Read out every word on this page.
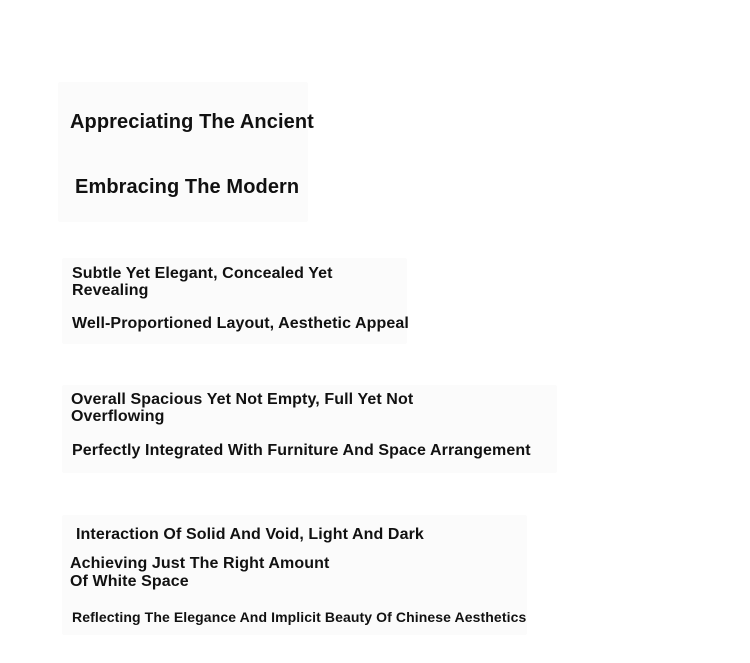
Appreciating The Ancient
Embracing The Modern

Subtle Yet Elegant, Concealed Yet Revealing

Well-Proportioned Layout, Aesthetic Appeal

Overall Spacious Yet Not Empty, Full Yet Not Overflowing

Perfectly Integrated With Furniture And Space Arrangement

Interaction Of Solid And Void, Light And Dark

Achieving Just The Right Amount Of White Space

Reflecting The Elegance And Implicit Beauty Of Chinese Aesthetics
